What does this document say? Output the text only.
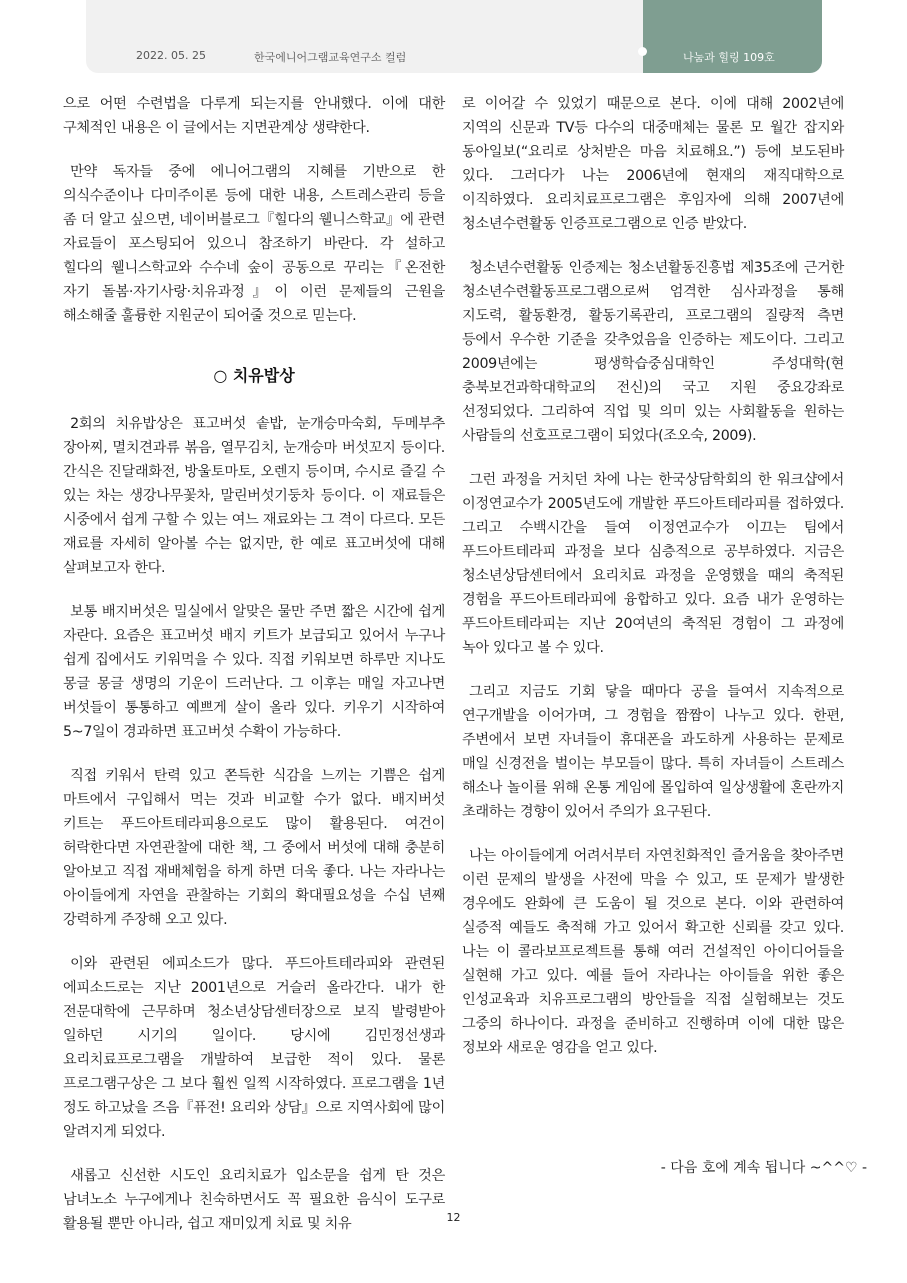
2022. 05. 25	한국에니어그램교육연구소 컬럼	나눔과 힐링 109호

으로 어떤 수련법을 다루게 되는지를 안내했다. 이에 대한 구체적인 내용은 이 글에서는 지면관계상 생략한다.

만약 독자들 중에 에니어그램의 지혜를 기반으로 한 의식수준이나 다미주이론 등에 대한 내용, 스트레스관리 등을 좀 더 알고 싶으면, 네이버블로그『힐다의 웰니스학교』에 관련 자료들이 포스팅되어 있으니 참조하기 바란다. 각 설하고 힐다의 웰니스학교와 수수네 숲이 공동으로 꾸리는『온전한 자기 돌봄·자기사랑·치유과정』이 이런 문제들의 근원을 해소해줄 훌륭한 지원군이 되어줄 것으로 믿는다.

○ 치유밥상

2회의 치유밥상은 표고버섯 솥밥, 눈개승마숙회, 두메부추 장아찌, 멸치견과류 볶음, 열무김치, 눈개승마 버섯꼬지 등이다. 간식은 진달래화전, 방울토마토, 오렌지 등이며, 수시로 즐길 수 있는 차는 생강나무꽃차, 말린버섯기둥차 등이다. 이 재료들은 시중에서 쉽게 구할 수 있는 여느 재료와는 그 격이 다르다. 모든 재료를 자세히 알아볼 수는 없지만, 한 예로 표고버섯에 대해 살펴보고자 한다.

보통 배지버섯은 밀실에서 알맞은 물만 주면 짧은 시간에 쉽게 자란다. 요즘은 표고버섯 배지 키트가 보급되고 있어서 누구나 쉽게 집에서도 키워먹을 수 있다. 직접 키워보면 하루만 지나도 몽글 몽글 생명의 기운이 드러난다. 그 이후는 매일 자고나면 버섯들이 통통하고 예쁘게 살이 올라 있다. 키우기 시작하여 5~7일이 경과하면 표고버섯 수확이 가능하다.

직접 키워서 탄력 있고 쫀득한 식감을 느끼는 기쁨은 쉽게 마트에서 구입해서 먹는 것과 비교할 수가 없다. 배지버섯 키트는 푸드아트테라피용으로도 많이 활용된다. 여건이 허락한다면 자연관찰에 대한 책, 그 중에서 버섯에 대해 충분히 알아보고 직접 재배체험을 하게 하면 더욱 좋다. 나는 자라나는 아이들에게 자연을 관찰하는 기회의 확대필요성을 수십 년째 강력하게 주장해 오고 있다.

이와 관련된 에피소드가 많다. 푸드아트테라피와 관련된 에피소드로는 지난 2001년으로 거슬러 올라간다. 내가 한 전문대학에 근무하며 청소년상담센터장으로 보직 발령받아 일하던 시기의 일이다. 당시에 김민정선생과 요리치료프로그램을 개발하여 보급한 적이 있다. 물론 프로그램구상은 그 보다 훨씬 일찍 시작하였다. 프로그램을 1년 정도 하고났을 즈음『퓨전! 요리와 상담』으로 지역사회에 많이 알려지게 되었다.

새롭고 신선한 시도인 요리치료가 입소문을 쉽게 탄 것은 남녀노소 누구에게나 친숙하면서도 꼭 필요한 음식이 도구로 활용될 뿐만 아니라, 쉽고 재미있게 치료 및 치유

로 이어갈 수 있었기 때문으로 본다. 이에 대해 2002년에 지역의 신문과 TV등 다수의 대중매체는 물론 모 월간 잡지와 동아일보(“요리로 상처받은 마음 치료해요.”) 등에 보도된바 있다. 그러다가 나는 2006년에 현재의 재직대학으로 이직하였다. 요리치료프로그램은 후임자에 의해 2007년에 청소년수련활동 인증프로그램으로 인증 받았다.

청소년수련활동 인증제는 청소년활동진흥법 제35조에 근거한 청소년수련활동프로그램으로써 엄격한 심사과정을 통해 지도력, 활동환경, 활동기록관리, 프로그램의 질량적 측면 등에서 우수한 기준을 갖추었음을 인증하는 제도이다. 그리고 2009년에는 평생학습중심대학인 주성대학(현 충북보건과학대학교의 전신)의 국고 지원 중요강좌로 선정되었다. 그리하여 직업 및 의미 있는 사회활동을 원하는 사람들의 선호프로그램이 되었다(조오숙, 2009).

그런 과정을 거치던 차에 나는 한국상담학회의 한 워크샵에서 이정연교수가 2005년도에 개발한 푸드아트테라피를 접하였다. 그리고 수백시간을 들여 이정연교수가 이끄는 팀에서 푸드아트테라피 과정을 보다 심층적으로 공부하였다. 지금은 청소년상담센터에서 요리치료 과정을 운영했을 때의 축적된 경험을 푸드아트테라피에 융합하고 있다. 요즘 내가 운영하는 푸드아트테라피는 지난 20여년의 축적된 경험이 그 과정에 녹아 있다고 볼 수 있다.

그리고 지금도 기회 닿을 때마다 공을 들여서 지속적으로 연구개발을 이어가며, 그 경험을 짬짬이 나누고 있다. 한편, 주변에서 보면 자녀들이 휴대폰을 과도하게 사용하는 문제로 매일 신경전을 벌이는 부모들이 많다. 특히 자녀들이 스트레스 해소나 놀이를 위해 온통 게임에 몰입하여 일상생활에 혼란까지 초래하는 경향이 있어서 주의가 요구된다.

나는 아이들에게 어려서부터 자연친화적인 즐거움을 찾아주면 이런 문제의 발생을 사전에 막을 수 있고, 또 문제가 발생한 경우에도 완화에 큰 도움이 될 것으로 본다. 이와 관련하여 실증적 예들도 축적해 가고 있어서 확고한 신뢰를 갖고 있다. 나는 이 콜라보프로젝트를 통해 여러 건설적인 아이디어들을 실현해 가고 있다. 예를 들어 자라나는 아이들을 위한 좋은 인성교육과 치유프로그램의 방안들을 직접 실험해보는 것도 그중의 하나이다. 과정을 준비하고 진행하며 이에 대한 많은 정보와 새로운 영감을 얻고 있다.

- 다음 호에 계속 됩니다 ~^^♡ -
12
